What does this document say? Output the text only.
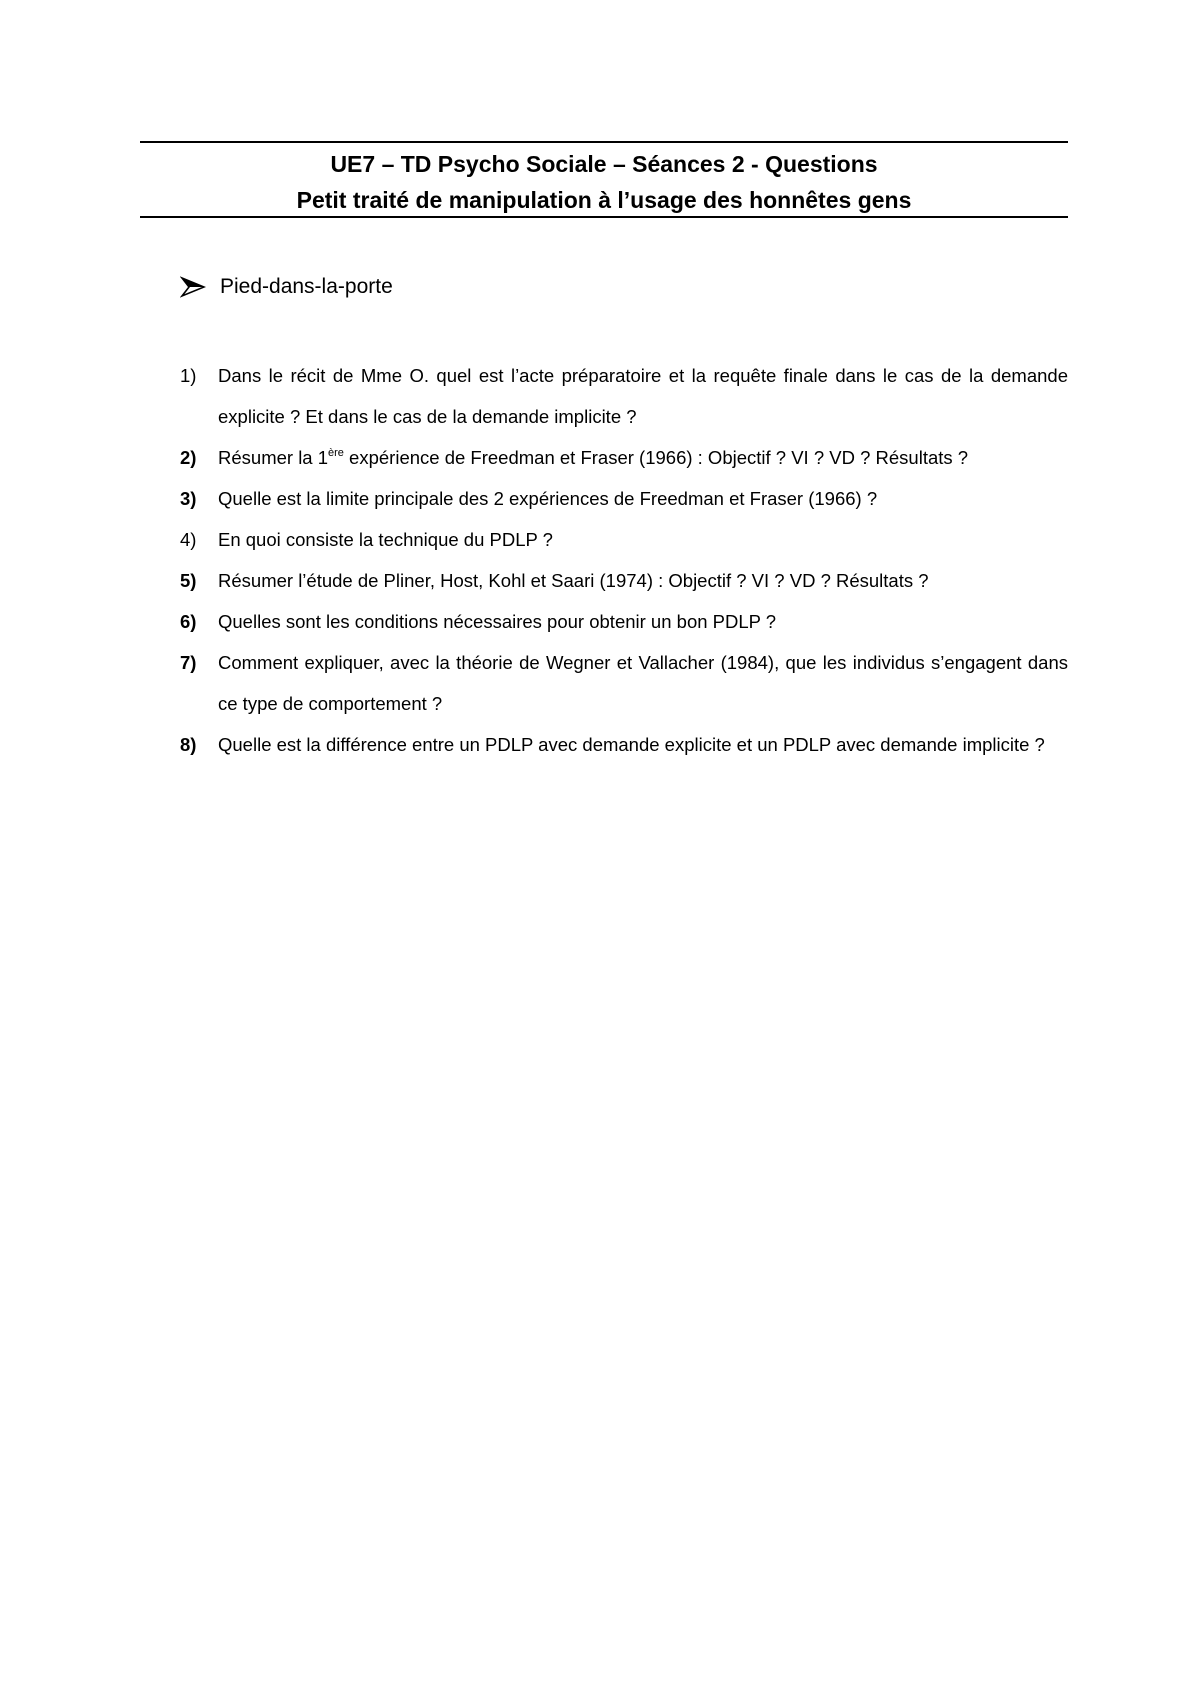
UE7 – TD Psycho Sociale – Séances 2 - Questions
Petit traité de manipulation à l’usage des honnêtes gens
Pied-dans-la-porte
1) Dans le récit de Mme O. quel est l’acte préparatoire et la requête finale dans le cas de la demande explicite ? Et dans le cas de la demande implicite ?
2) Résumer la 1ère expérience de Freedman et Fraser (1966) : Objectif ? VI ? VD ? Résultats ?
3) Quelle est la limite principale des 2 expériences de Freedman et Fraser (1966) ?
4) En quoi consiste la technique du PDLP ?
5) Résumer l’étude de Pliner, Host, Kohl et Saari (1974) : Objectif ? VI ? VD ? Résultats ?
6) Quelles sont les conditions nécessaires pour obtenir un bon PDLP ?
7) Comment expliquer, avec la théorie de Wegner et Vallacher (1984), que les individus s’engagent dans ce type de comportement ?
8) Quelle est la différence entre un PDLP avec demande explicite et un PDLP avec demande implicite ?
